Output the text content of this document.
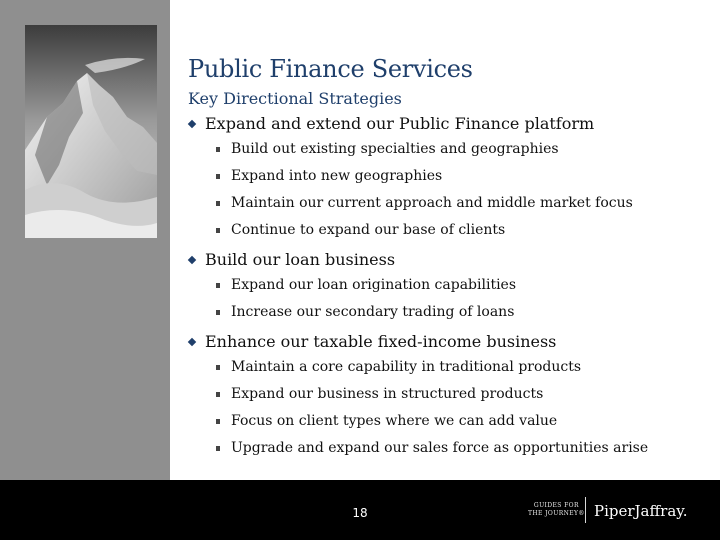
Public Finance Services
Key Directional Strategies
Expand and extend our Public Finance platform
Build out existing specialties and geographies
Expand into new geographies
Maintain our current approach and middle market focus
Continue to expand our base of clients
Build our loan business
Expand our loan origination capabilities
Increase our secondary trading of loans
Enhance our taxable fixed-income business
Maintain a core capability in traditional products
Expand our business in structured products
Focus on client types where we can add value
Upgrade and expand our sales force as opportunities arise
18
GUIDES FOR
THE JOURNEY® PiperJaffray.
